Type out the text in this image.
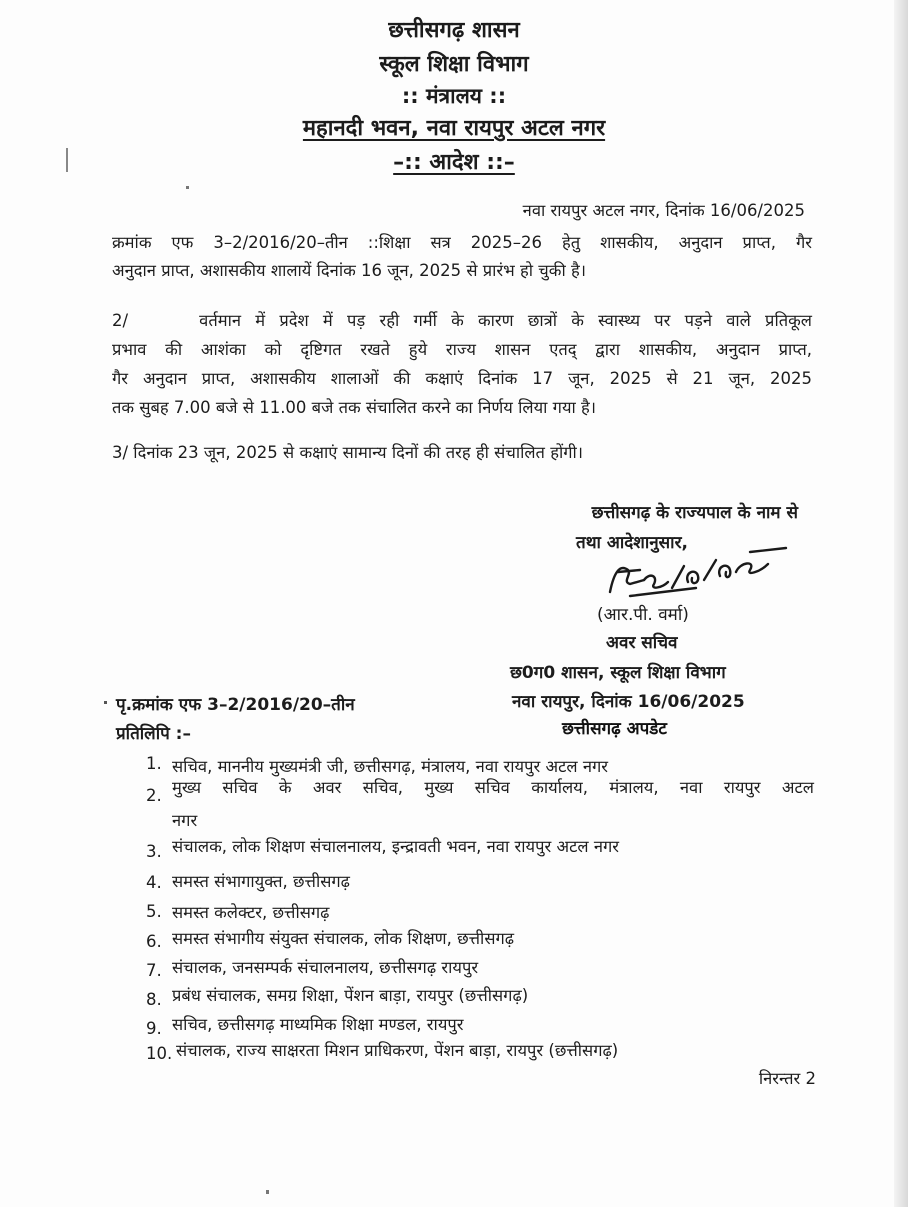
छत्तीसगढ़ शासन
स्कूल शिक्षा विभाग
:: मंत्रालय ::
महानदी भवन, नवा रायपुर अटल नगर
–:: आदेश ::–
नवा रायपुर अटल नगर, दिनांक 16/06/2025
क्रमांक एफ 3–2/2016/20–तीन ::शिक्षा सत्र 2025–26 हेतु शासकीय, अनुदान प्राप्त, गैर
अनुदान प्राप्त, अशासकीय शालायें दिनांक 16 जून, 2025 से प्रारंभ हो चुकी है।
2/     वर्तमान में प्रदेश में पड़ रही गर्मी के कारण छात्रों के स्वास्थ्य पर पड़ने वाले प्रतिकूल
प्रभाव की आशंका को दृष्टिगत रखते हुये राज्य शासन एतद् द्वारा शासकीय, अनुदान प्राप्त,
गैर अनुदान प्राप्त, अशासकीय शालाओं की कक्षाएं दिनांक 17 जून, 2025 से 21 जून, 2025
तक सुबह 7.00 बजे से 11.00 बजे तक संचालित करने का निर्णय लिया गया है।
3/ दिनांक 23 जून, 2025 से कक्षाएं सामान्य दिनों की तरह ही संचालित होंगी।
छत्तीसगढ़ के राज्यपाल के नाम से
तथा आदेशानुसार,
(आर.पी. वर्मा)
अवर सचिव
छ0ग0 शासन, स्कूल शिक्षा विभाग
नवा रायपुर, दिनांक 16/06/2025
पृ.क्रमांक एफ 3–2/2016/20–तीन
प्रतिलिपि :–	छत्तीसगढ़ अपडेट
1. सचिव, माननीय मुख्यमंत्री जी, छत्तीसगढ़, मंत्रालय, नवा रायपुर अटल नगर
2. मुख्य सचिव के अवर सचिव, मुख्य सचिव कार्यालय, मंत्रालय, नवा रायपुर अटल
नगर
3. संचालक, लोक शिक्षण संचालनालय, इन्द्रावती भवन, नवा रायपुर अटल नगर
4. समस्त संभागायुक्त, छत्तीसगढ़
5. समस्त कलेक्टर, छत्तीसगढ़
6. समस्त संभागीय संयुक्त संचालक, लोक शिक्षण, छत्तीसगढ़
7. संचालक, जनसम्पर्क संचालनालय, छत्तीसगढ़ रायपुर
8. प्रबंध संचालक, समग्र शिक्षा, पेंशन बाड़ा, रायपुर (छत्तीसगढ़)
9. सचिव, छत्तीसगढ़ माध्यमिक शिक्षा मण्डल, रायपुर
10. संचालक, राज्य साक्षरता मिशन प्राधिकरण, पेंशन बाड़ा, रायपुर (छत्तीसगढ़)
निरन्तर 2
